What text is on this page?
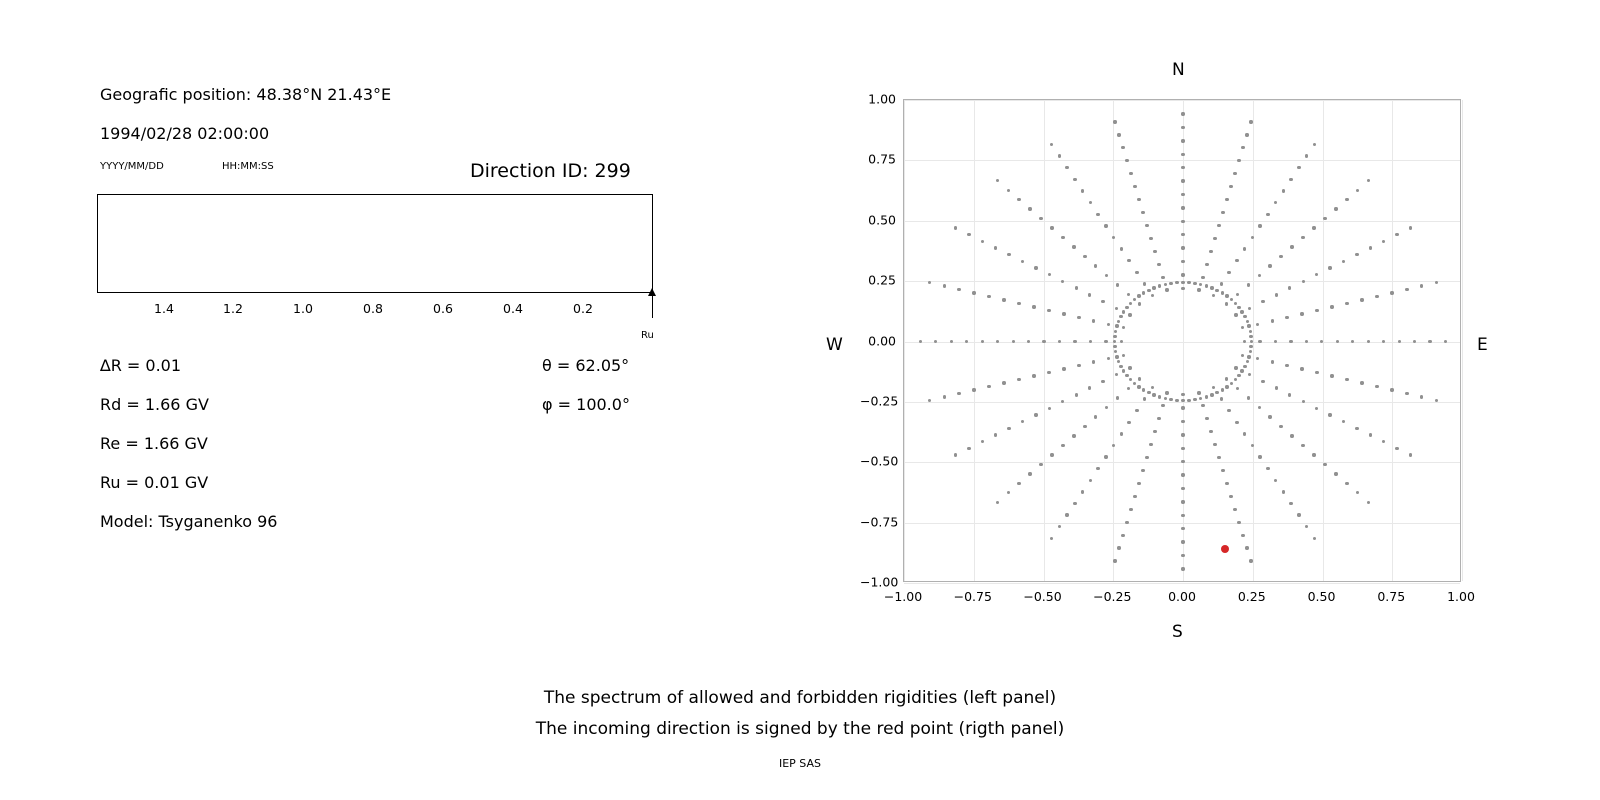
Geografic position: 48.38°N 21.43°E
1994/02/28 02:00:00
YYYY/MM/DD	HH:MM:SS	Direction ID: 299
1.4	1.2	1.0	0.8	0.6	0.4	0.2
Ru
∆R = 0.01
Rd = 1.66 GV
Re = 1.66 GV
Ru = 0.01 GV
Model: Tsyganenko 96
θ = 62.05°
φ = 100.0°
N
S
W	E
−1.00	−0.75	−0.50	−0.25	0.00	0.25	0.50	0.75	1.00
−1.00
−0.75
−0.50
−0.25
0.00
0.25
0.50
0.75
1.00
The spectrum of allowed and forbidden rigidities (left panel)
The incoming direction is signed by the red point (rigth panel)
IEP SAS
